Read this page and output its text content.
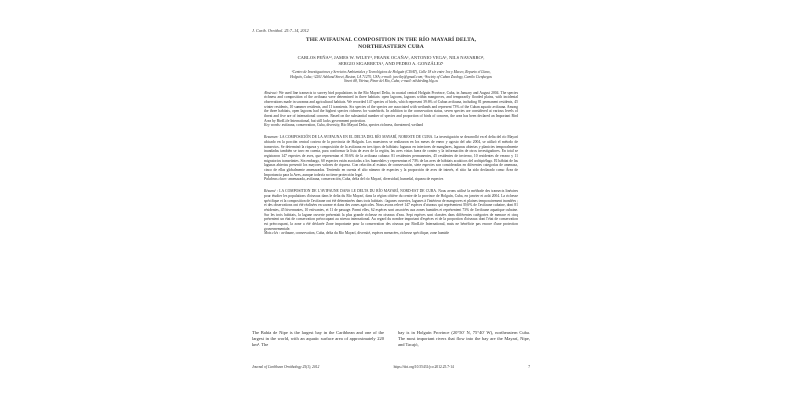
J. Carib. Ornithol. 25:7–14, 2012
THE AVIFAUNAL COMPOSITION IN THE RÍO MAYARÍ DELTA,
NORTHEASTERN CUBA
CARLOS PEÑA¹², JAMES W. WILEY², FRANK OCAÑA¹, ANTONIO VEGA¹, NILS NAVARRO³,
SERGIO SIGARRETA¹, AND PEDRO A. GONZÁLEZ¹
¹Centro de Investigaciones y Servicios Ambientales y Tecnológicos de Holguín (CISAT), Calle 18 s/n entre 1ra y Maceo, Reparto el Llano, Holguín, Cuba; ²2201 Ashland Street, Ruston, LA 71270, USA; e-mail: jwwiley@gmail.com; ³Society of Cuban Zoology, Camilo Cienfuegos Street #8, Vitrina, Pinar del Río, Cuba; e-mail: nilsbirding.hlg.cu
Abstract: We used line transects to survey bird populations in the Río Mayarí Delta, in coastal central Holguín Province, Cuba, in January and August 2004. The species richness and composition of the avifauna were determined in three habitats: open lagoons, lagoons within mangroves, and temporarily flooded plains, with incidental observations made in savanna and agricultural habitats. We recorded 147 species of birds, which represent 39.6% of Cuban avifauna, including 81 permanent residents, 45 winter residents, 10 summer residents, and 11 transients. Six species of the species are associated with wetlands and represent 73% of the Cuban aquatic avifauna. Among the three habitats, open lagoons had the highest species richness for waterbirds. In addition to the conservation status, seven species are considered at various levels of threat and five are of international concern. Based on the substantial number of species and proportion of birds of concern, the area has been declared an Important Bird Area by BirdLife International, but still lacks government protection.
Key words: avifauna, conservation, Cuba, diversity, Río Mayarí Delta, species richness, threatened, wetland
Resumen: LA COMPOSICIÓN DE LA AVIFAUNA EN EL DELTA DEL RÍO MAYARÍ, NORESTE DE CUBA. La investigación se desarrolló en el delta del río Mayarí ubicado en la porción central costera de la provincia de Holguín. Los muestreos se realizaron en los meses de enero y agosto del año 2004, se utilizó el método de transectos. Se determinó la riqueza y composición de la avifauna en tres tipos de hábitats: lagunas en interiores de manglares, lagunas abiertas y planicies temporalmente inundadas también se tuvo en cuenta, para conformar la lista de aves de la región, las aves vistas fuera de conteo y la información de otros investigadores. En total se registraron 147 especies de aves, que representan el 39.6% de la avifauna cubana: 81 residentes permanentes, 45 residentes de invierno, 10 residentes de verano y 11 migratorios transeúntes. Sin embargo, 60 especies están asociadas a los humedales y representan el 73% de las aves de hábitats acuáticos del archipiélago. El hábitat de las lagunas abiertas presentó los mayores valores de riqueza. Con relación al estatus de conservación, siete especies son consideradas en diferentes categorías de amenaza, cinco de ellas globalmente amenazadas. Teniendo en cuenta el alto número de especies y la proporción de aves de interés, el sitio ha sido declarado como Área de Importancia para la Aves, aunque todavía no tiene protección legal.
Palabras clave: amenazada, avifauna, conservación, Cuba, delta del río Mayarí, diversidad, humedal, riqueza de especies
Résumé : LA COMPOSITION DE L'AVIFAUNE DANS LE DELTA DU RÍO MAYARÍ, NORD-EST DE CUBA. Nous avons utilisé la méthode des transects linéaires pour étudier les populations d'oiseaux dans le delta du Río Mayarí, dans la région côtière du centre de la province de Holguín, Cuba, en janvier et août 2004. La richesse spécifique et la composition de l'avifaune ont été déterminées dans trois habitats : lagunes ouvertes, lagunes à l'intérieur de mangroves et plaines temporairement inondées ; et des observations ont été réalisées en savane et dans des zones agricoles. Nous avons relevé 147 espèces d'oiseaux qui représentent 39,6% de l'avifaune cubaine, dont 81 résidentes, 45 hivernantes, 10 estivantes, et 11 de passage. Parmi elles, 62 espèces sont associées aux zones humides et représentent 73% de l'avifaune aquatique cubaine. Sur les trois habitats, la lagune ouverte présentait la plus grande richesse en oiseaux d'eau. Sept espèces sont classées dans différentes catégories de menace et cinq présentent un état de conservation préoccupant au niveau international. Au regard du nombre important d'espèces et de la proportion d'oiseaux dont l'état de conservation est préoccupant, la zone a été déclarée Zone importante pour la conservation des oiseaux par BirdLife International, mais ne bénéficie pas encore d'une protection gouvernementale.
Mots clés : avifaune, conservation, Cuba, delta du Río Mayarí, diversité, espèces menacées, richesse spécifique, zone humide
The Bahía de Nipe is the largest bay in the Caribbean and one of the largest in the world, with an aquatic surface area of approximately 220 km². The
bay is in Holguín Province (20°50′ N, 75°40′ W), northeastern Cuba. The most important rivers that flow into the bay are the Mayarí, Nipe, and Tacajó,
Journal of Caribbean Ornithology 25(1), 2012	https://doi.org/10.55431/jco.2012.25.7-14	7
